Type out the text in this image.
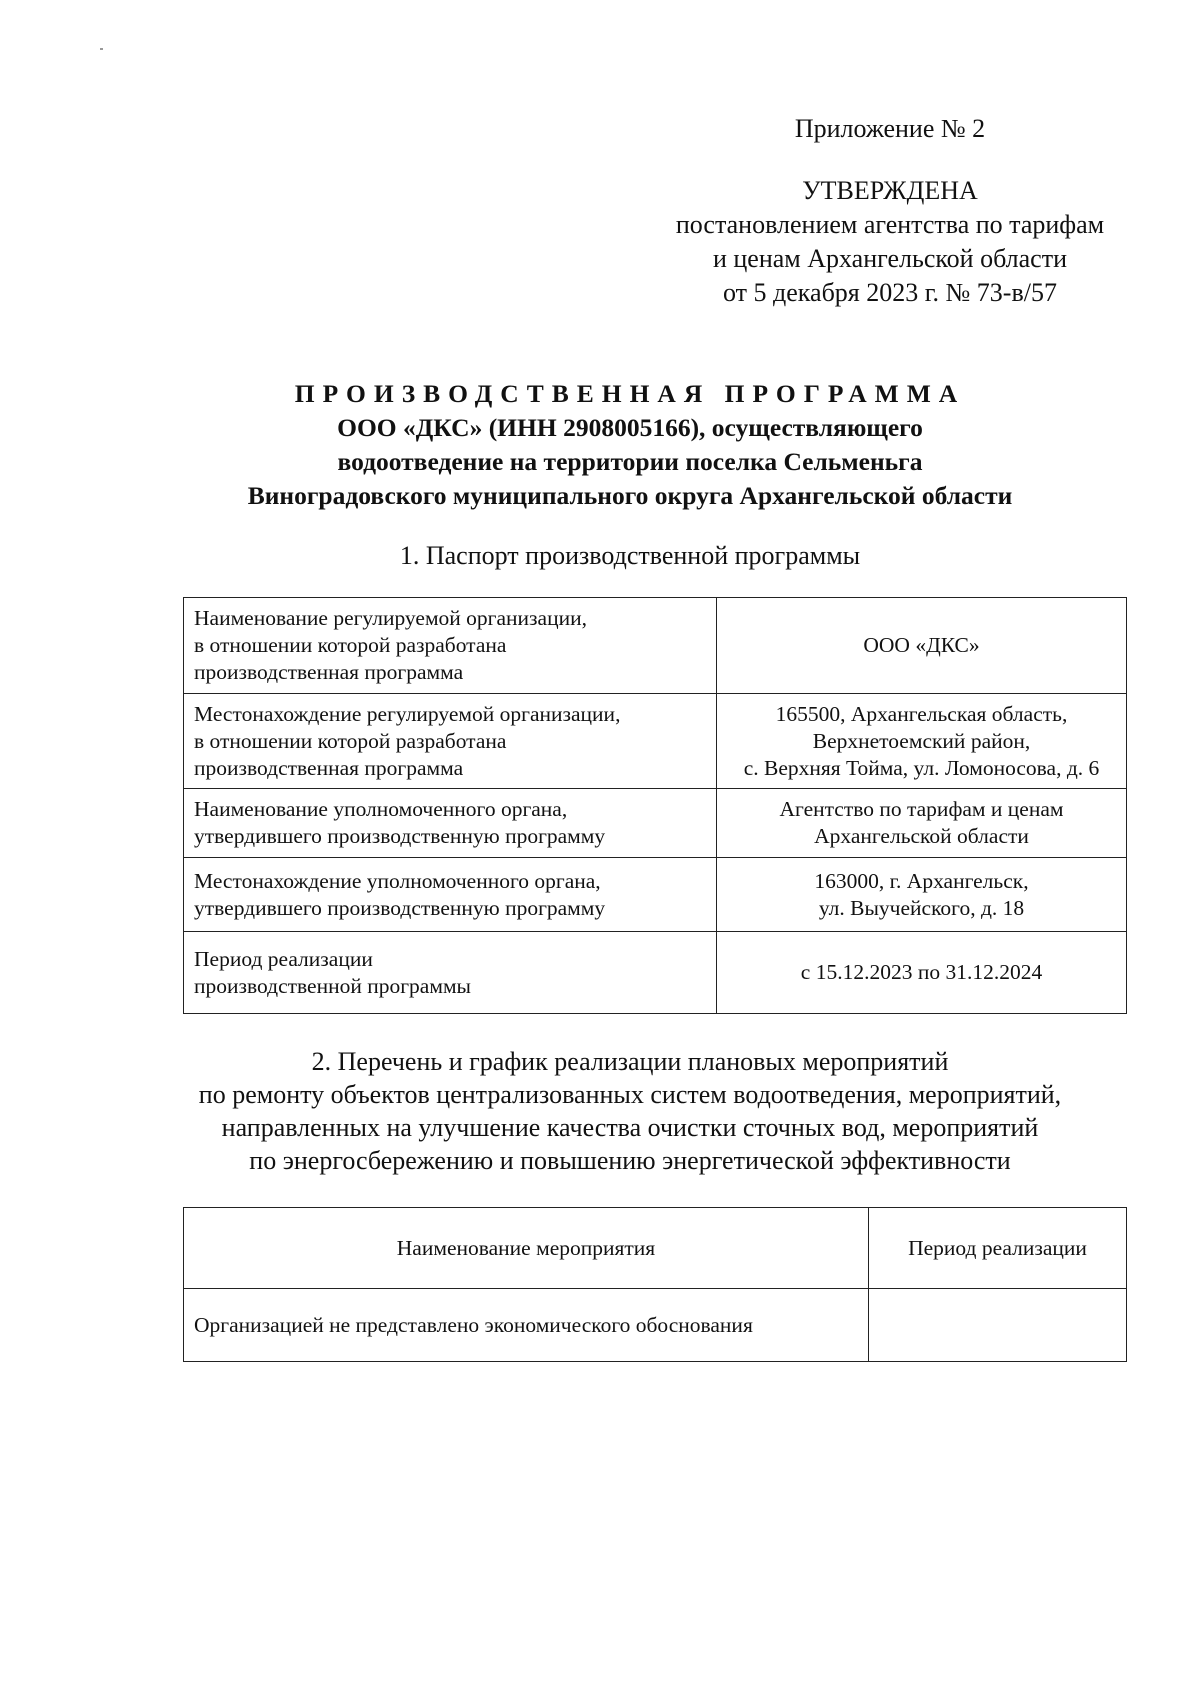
Приложение № 2
УТВЕРЖДЕНА
постановлением агентства по тарифам
и ценам Архангельской области
от 5 декабря 2023 г. № 73-в/57
ПРОИЗВОДСТВЕННАЯ ПРОГРАММА
ООО «ДКС» (ИНН 2908005166), осуществляющего
водоотведение на территории поселка Сельменьга
Виноградовского муниципального округа Архангельской области
1. Паспорт производственной программы
Наименование регулируемой организации,
в отношении которой разработана
производственная программа	ООО «ДКС»

Местонахождение регулируемой организации,
в отношении которой разработана
производственная программа	165500, Архангельская область,
Верхнетоемский район,
с. Верхняя Тойма, ул. Ломоносова, д. 6

Наименование уполномоченного органа,
утвердившего производственную программу	Агентство по тарифам и ценам
Архангельской области

Местонахождение уполномоченного органа,
утвердившего производственную программу	163000, г. Архангельск,
ул. Выучейского, д. 18

Период реализации
производственной программы	с 15.12.2023 по 31.12.2024
2. Перечень и график реализации плановых мероприятий
по ремонту объектов централизованных систем водоотведения, мероприятий,
направленных на улучшение качества очистки сточных вод, мероприятий
по энергосбережению и повышению энергетической эффективности
Наименование мероприятия	Период реализации
Организацией не представлено экономического обоснования	
